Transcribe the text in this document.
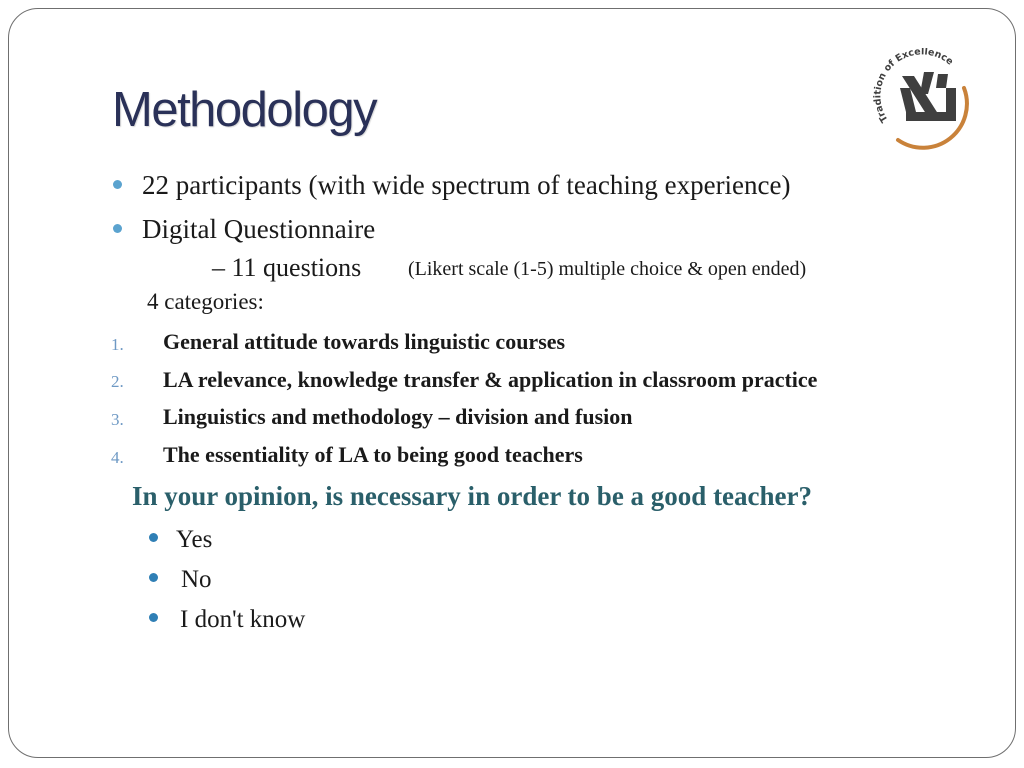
Tradition of Excellence
Methodology
22 participants (with wide spectrum of teaching experience)
Digital Questionnaire
– 11 questions (Likert scale (1-5) multiple choice & open ended)
4 categories:
1. General attitude towards linguistic courses
2. LA relevance, knowledge transfer & application in classroom practice
3. Linguistics and methodology – division and fusion
4. The essentiality of LA to being good teachers
In your opinion, is necessary in order to be a good teacher?
Yes
No
I don't know
